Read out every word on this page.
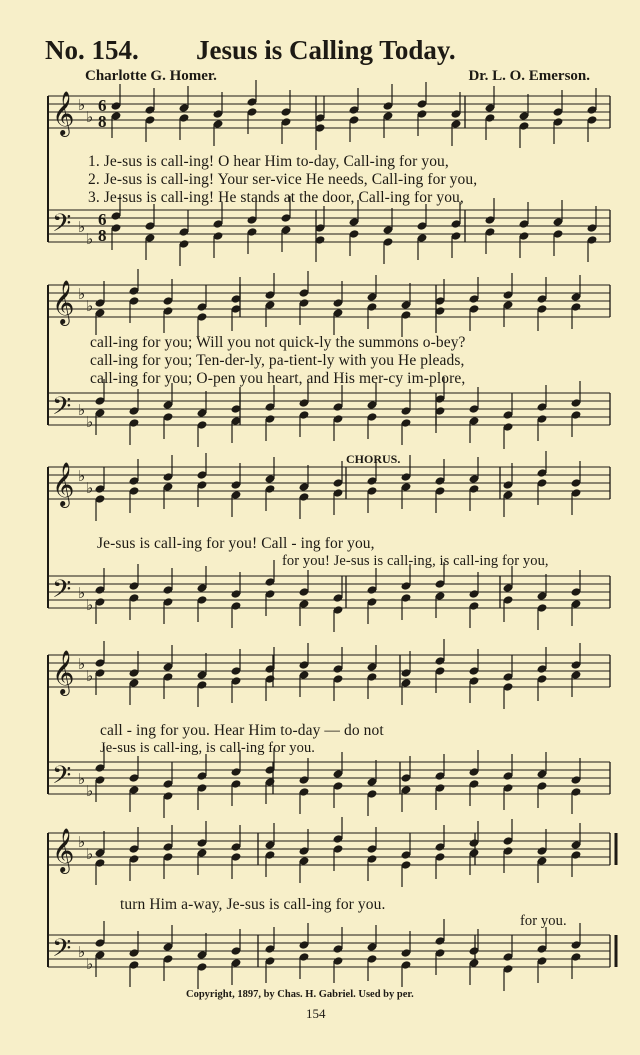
No. 154. Jesus is Calling Today.
Charlotte G. Homer.	Dr. L. O. Emerson.
𝄞
𝄢
♭
♭
♭
♭
6
8
6
8
𝄞
𝄢
♭
♭
♭
♭
𝄞
𝄢
♭
♭
♭
♭
𝄞
𝄢
♭
♭
♭
♭
𝄞
𝄢
♭
♭
♭
♭
CHORUS.
1. Je-sus is call-ing! O hear Him to-day, Call-ing for you,
2. Je-sus is call-ing! Your ser-vice He needs, Call-ing for you,
3. Je-sus is call-ing! He stands at the door, Call-ing for you,
call-ing for you; Will you not quick-ly the summons o-bey?
call-ing for you; Ten-der-ly, pa-tient-ly with you He pleads,
call-ing for you; O-pen you heart, and His mer-cy im-plore,
Je-sus is call-ing for you! Call - ing for you,
for you! Je-sus is call-ing, is call-ing for you,
call - ing for you. Hear Him to-day — do not
Je-sus is call-ing, is call-ing for you.
turn Him a-way, Je-sus is call-ing for you.
for you.
Copyright, 1897, by Chas. H. Gabriel. Used by per.
154
